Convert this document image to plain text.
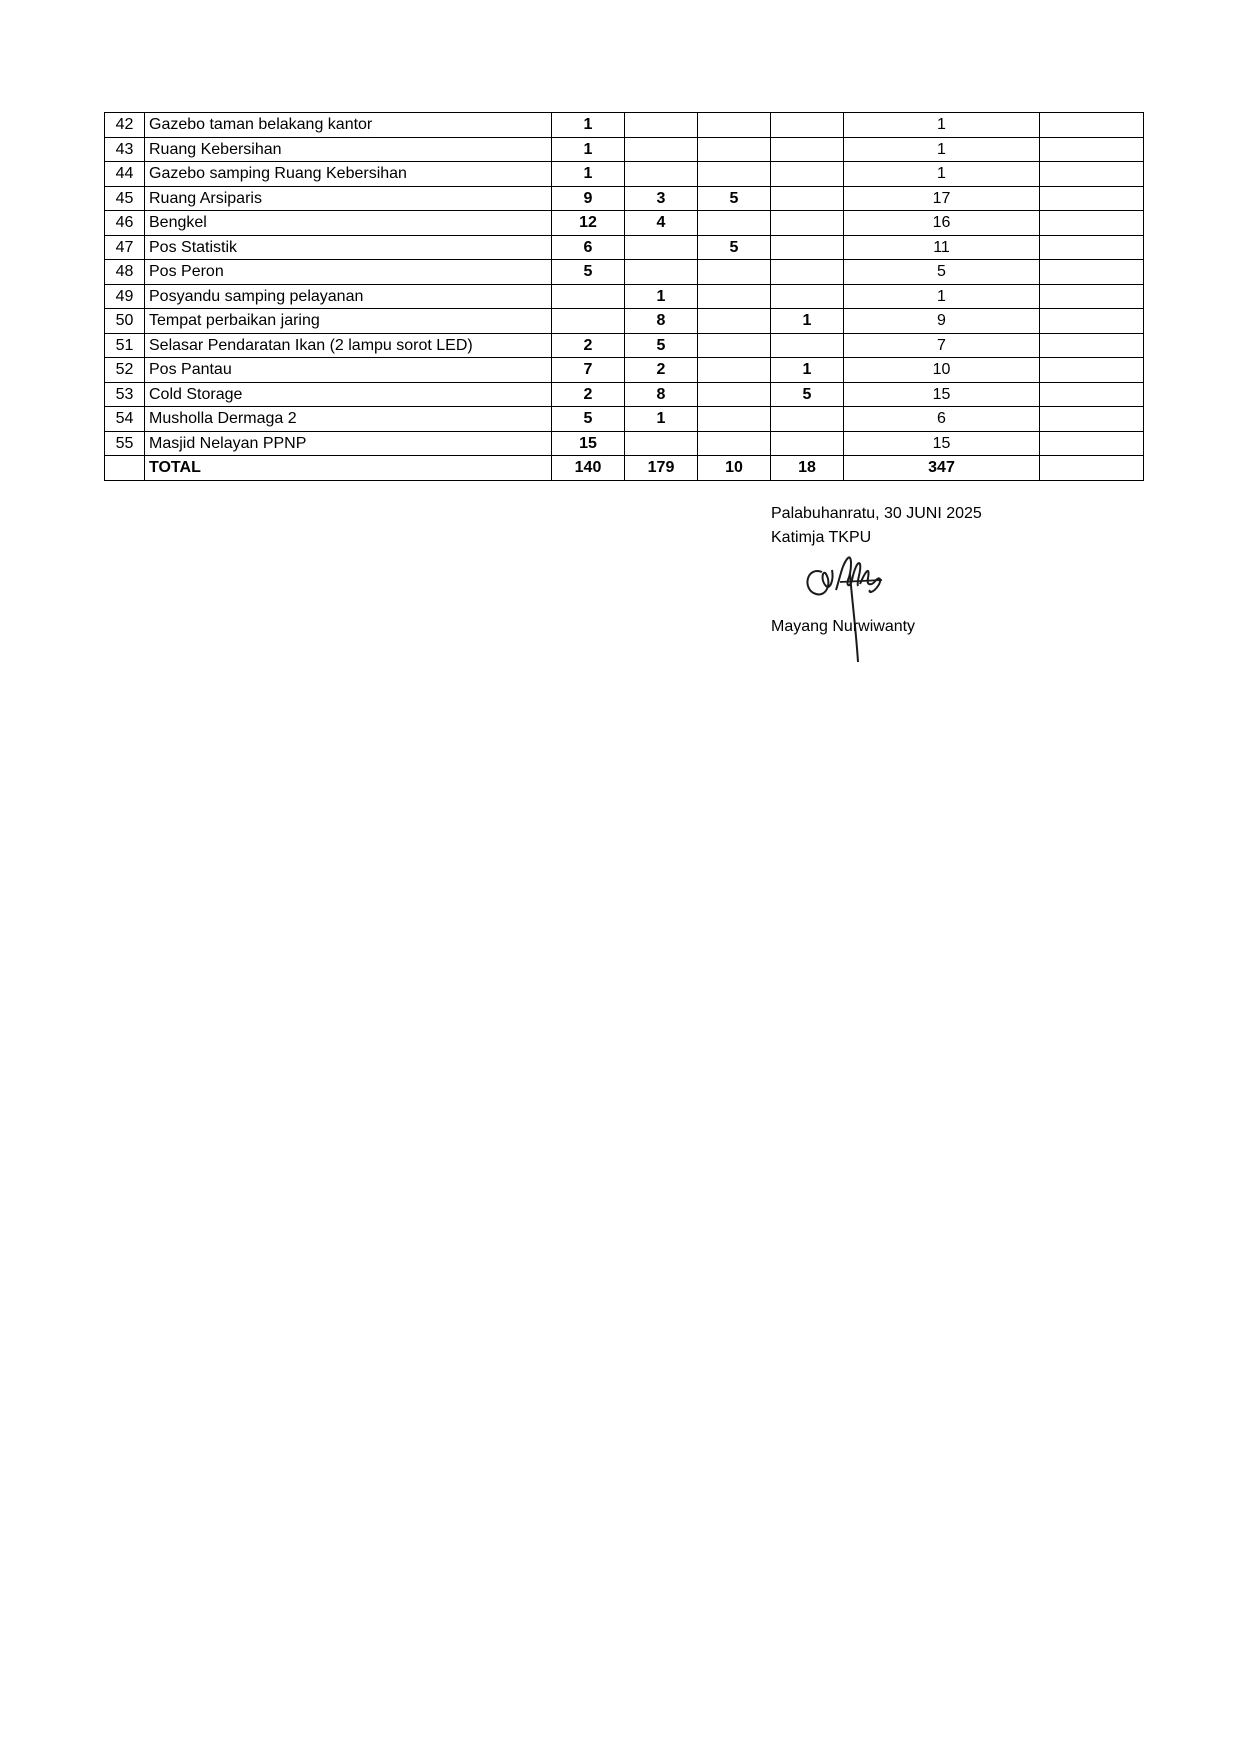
42	Gazebo taman belakang kantor	1				1	
43	Ruang Kebersihan	1				1	
44	Gazebo samping Ruang Kebersihan	1				1	
45	Ruang Arsiparis	9	3	5		17	
46	Bengkel	12	4			16	
47	Pos Statistik	6		5		11	
48	Pos Peron	5				5	
49	Posyandu samping pelayanan		1			1	
50	Tempat perbaikan jaring		8		1	9	
51	Selasar Pendaratan Ikan (2 lampu sorot LED)	2	5			7	
52	Pos Pantau	7	2		1	10	
53	Cold Storage	2	8		5	15	
54	Musholla Dermaga 2	5	1			6	
55	Masjid Nelayan PPNP	15				15	
	TOTAL	140	179	10	18	347	
Palabuhanratu, 30 JUNI 2025
Katimja TKPU
Mayang Nurwiwanty
